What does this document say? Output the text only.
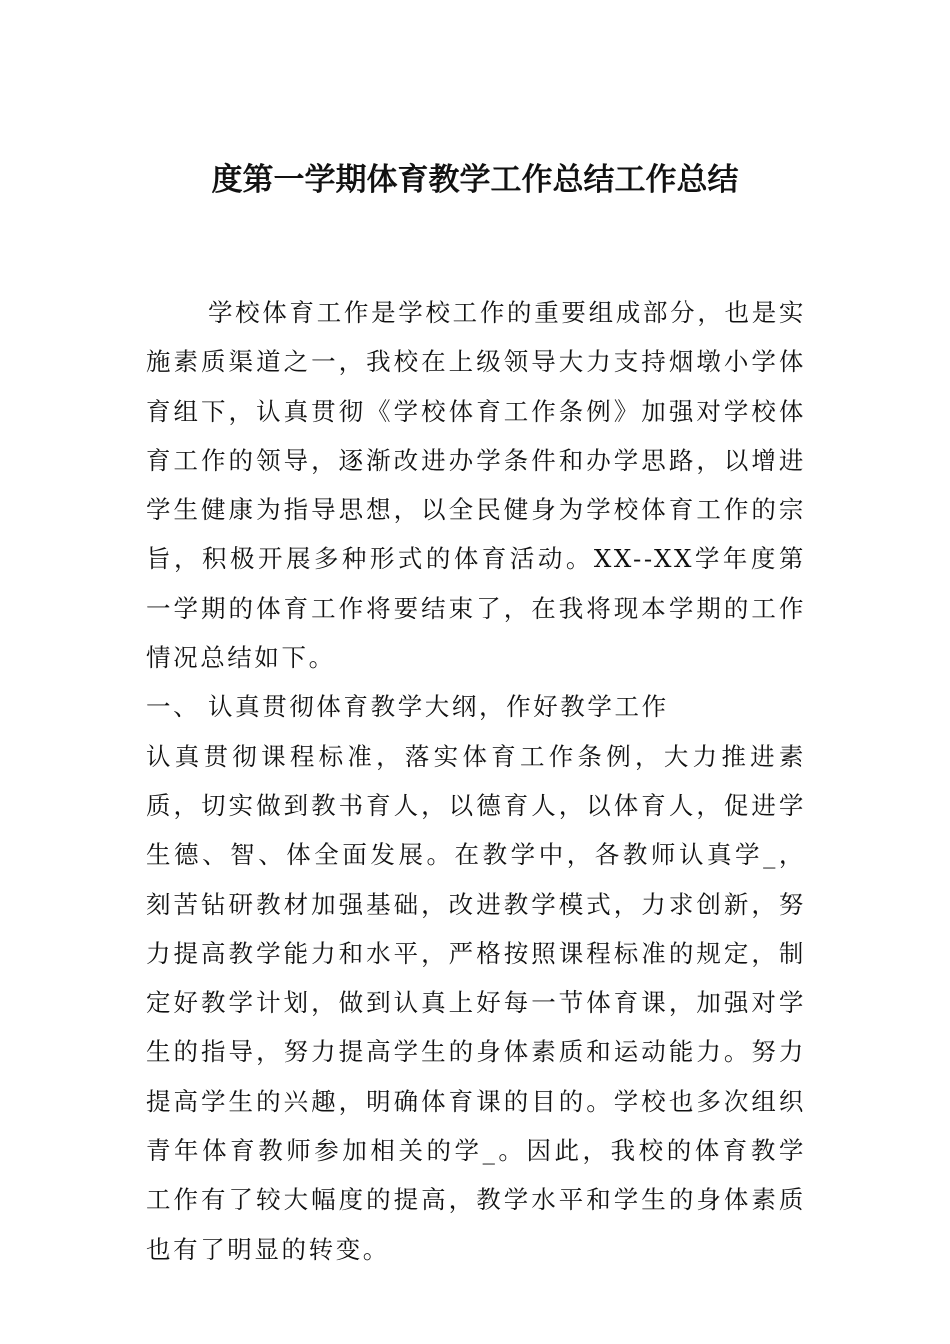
度第一学期体育教学工作总结工作总结

学校体育工作是学校工作的重要组成部分，也是实施素质渠道之一，我校在上级领导大力支持烟墩小学体育组下，认真贯彻《学校体育工作条例》加强对学校体育工作的领导，逐渐改进办学条件和办学思路，以增进学生健康为指导思想，以全民健身为学校体育工作的宗旨，积极开展多种形式的体育活动。XX--XX学年度第一学期的体育工作将要结束了，在我将现本学期的工作情况总结如下。

一、 认真贯彻体育教学大纲，作好教学工作

认真贯彻课程标准，落实体育工作条例，大力推进素质，切实做到教书育人，以德育人，以体育人，促进学生德、智、体全面发展。在教学中，各教师认真学_，刻苦钻研教材加强基础，改进教学模式，力求创新，努力提高教学能力和水平，严格按照课程标准的规定，制定好教学计划，做到认真上好每一节体育课，加强对学生的指导，努力提高学生的身体素质和运动能力。努力提高学生的兴趣，明确体育课的目的。学校也多次组织青年体育教师参加相关的学_。因此，我校的体育教学工作有了较大幅度的提高，教学水平和学生的身体素质也有了明显的转变。
